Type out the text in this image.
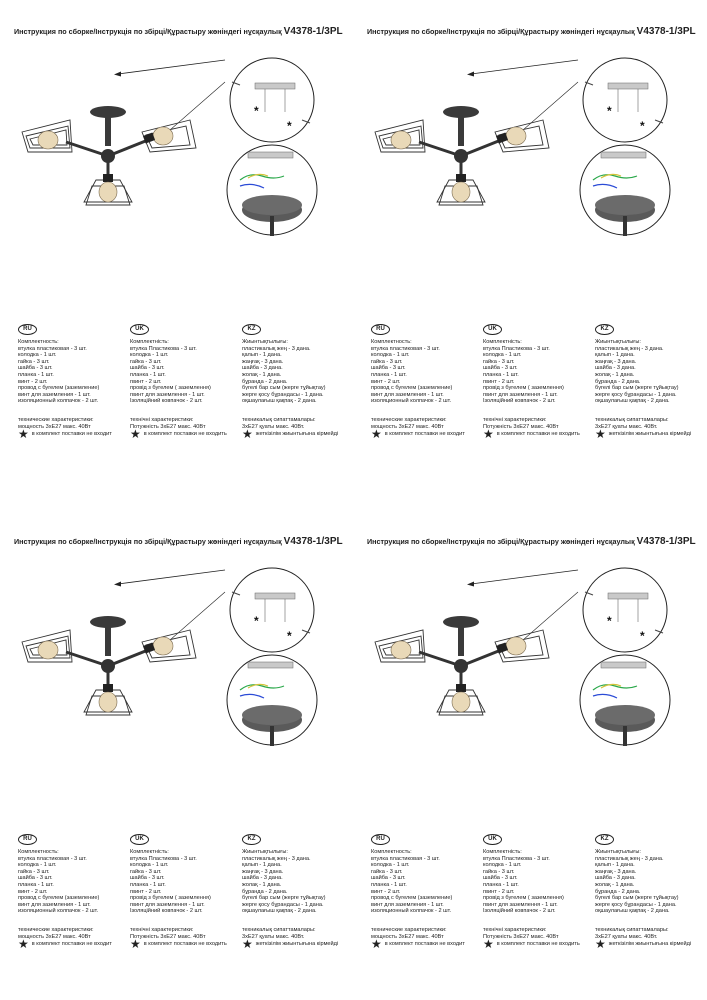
Инструкция по сборке/Інструкція по збірці/Құрастыру жөніндегі нұсқаулық V4378-1/3PL
*
*
RU
Комплектность:
втулка пластиковая - 3 шт.
колодка - 1 шт.
гайка - 3 шт.
шайба - 3 шт.
планка - 1 шт.
винт - 2 шт.
провод с бугелем (заземление)
винт для заземления - 1 шт.
изоляционный колпачок - 2 шт.
технические характеристики:
мощность 3хE27 макс. 40Вт
★ в комплект поставки не входит
UK
Комплектність:
втулка Пластикова - 3 шт.
колодка - 1 шт.
гайка - 3 шт.
шайба - 3 шт.
планка - 1 шт.
гвинт - 2 шт.
провід з бугелем ( заземлення)
гвинт для заземлення - 1 шт.
Ізоляційний ковпачок - 2 шт.
технічні характеристики:
Потужність 3хE27 макс. 40Вт
★ в комплект поставки не входить
KZ
Жиынтықтылығы:
пластикалық жең - 3 дана.
қалып - 1 дана.
жаңғақ - 3 дана.
шайба - 3 дана.
жолақ - 1 дана.
бұранда - 2 дана.
бүгелі бар сым (жерге тұйықтау)
жерге қосу бұрандасы - 1 дана.
оқшаулағыш қақпақ - 2 дана.
техникалық сипаттамалары:
3хE27 қуаты макс. 40Вт.
★ жеткізілім жиынтығына кірмейді
Инструкция по сборке/Інструкція по збірці/Құрастыру жөніндегі нұсқаулық V4378-1/3PL
*
*
RU
Комплектность:
втулка пластиковая - 3 шт.
колодка - 1 шт.
гайка - 3 шт.
шайба - 3 шт.
планка - 1 шт.
винт - 2 шт.
провод с бугелем (заземление)
винт для заземления - 1 шт.
изоляционный колпачок - 2 шт.
технические характеристики:
мощность 3хE27 макс. 40Вт
★ в комплект поставки не входит
UK
Комплектність:
втулка Пластикова - 3 шт.
колодка - 1 шт.
гайка - 3 шт.
шайба - 3 шт.
планка - 1 шт.
гвинт - 2 шт.
провід з бугелем ( заземлення)
гвинт для заземлення - 1 шт.
Ізоляційний ковпачок - 2 шт.
технічні характеристики:
Потужність 3хE27 макс. 40Вт
★ в комплект поставки не входить
KZ
Жиынтықтылығы:
пластикалық жең - 3 дана.
қалып - 1 дана.
жаңғақ - 3 дана.
шайба - 3 дана.
жолақ - 1 дана.
бұранда - 2 дана.
бүгелі бар сым (жерге тұйықтау)
жерге қосу бұрандасы - 1 дана.
оқшаулағыш қақпақ - 2 дана.
техникалық сипаттамалары:
3хE27 қуаты макс. 40Вт.
★ жеткізілім жиынтығына кірмейді
Инструкция по сборке/Інструкція по збірці/Құрастыру жөніндегі нұсқаулық V4378-1/3PL
*
*
RU
Комплектность:
втулка пластиковая - 3 шт.
колодка - 1 шт.
гайка - 3 шт.
шайба - 3 шт.
планка - 1 шт.
винт - 2 шт.
провод с бугелем (заземление)
винт для заземления - 1 шт.
изоляционный колпачок - 2 шт.
технические характеристики:
мощность 3хE27 макс. 40Вт
★ в комплект поставки не входит
UK
Комплектність:
втулка Пластикова - 3 шт.
колодка - 1 шт.
гайка - 3 шт.
шайба - 3 шт.
планка - 1 шт.
гвинт - 2 шт.
провід з бугелем ( заземлення)
гвинт для заземлення - 1 шт.
Ізоляційний ковпачок - 2 шт.
технічні характеристики:
Потужність 3хE27 макс. 40Вт
★ в комплект поставки не входить
KZ
Жиынтықтылығы:
пластикалық жең - 3 дана.
қалып - 1 дана.
жаңғақ - 3 дана.
шайба - 3 дана.
жолақ - 1 дана.
бұранда - 2 дана.
бүгелі бар сым (жерге тұйықтау)
жерге қосу бұрандасы - 1 дана.
оқшаулағыш қақпақ - 2 дана.
техникалық сипаттамалары:
3хE27 қуаты макс. 40Вт.
★ жеткізілім жиынтығына кірмейді
Инструкция по сборке/Інструкція по збірці/Құрастыру жөніндегі нұсқаулық V4378-1/3PL
*
*
RU
Комплектность:
втулка пластиковая - 3 шт.
колодка - 1 шт.
гайка - 3 шт.
шайба - 3 шт.
планка - 1 шт.
винт - 2 шт.
провод с бугелем (заземление)
винт для заземления - 1 шт.
изоляционный колпачок - 2 шт.
технические характеристики:
мощность 3хE27 макс. 40Вт
★ в комплект поставки не входит
UK
Комплектність:
втулка Пластикова - 3 шт.
колодка - 1 шт.
гайка - 3 шт.
шайба - 3 шт.
планка - 1 шт.
гвинт - 2 шт.
провід з бугелем ( заземлення)
гвинт для заземлення - 1 шт.
Ізоляційний ковпачок - 2 шт.
технічні характеристики:
Потужність 3хE27 макс. 40Вт
★ в комплект поставки не входить
KZ
Жиынтықтылығы:
пластикалық жең - 3 дана.
қалып - 1 дана.
жаңғақ - 3 дана.
шайба - 3 дана.
жолақ - 1 дана.
бұранда - 2 дана.
бүгелі бар сым (жерге тұйықтау)
жерге қосу бұрандасы - 1 дана.
оқшаулағыш қақпақ - 2 дана.
техникалық сипаттамалары:
3хE27 қуаты макс. 40Вт.
★ жеткізілім жиынтығына кірмейді
